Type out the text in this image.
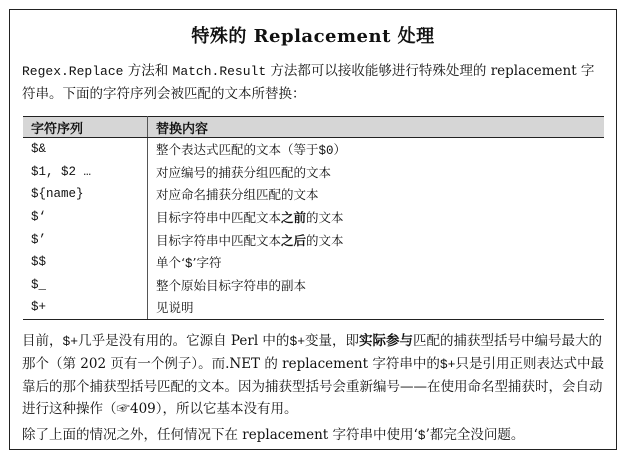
特殊的 Replacement 处理
Regex.Replace 方法和 Match.Result 方法都可以接收能够进行特殊处理的 replacement 字符串。下面的字符序列会被匹配的文本所替换：
字符序列	替换内容
$&	整个表达式匹配的文本（等于$0）
$1, $2 …	对应编号的捕获分组匹配的文本
${name}	对应命名捕获分组匹配的文本
$‘	目标字符串中匹配文本之前的文本
$’	目标字符串中匹配文本之后的文本
$$	单个‘$’字符
$_	整个原始目标字符串的副本
$+	见说明

目前，$+几乎是没有用的。它源自 Perl 中的$+变量，即实际参与匹配的捕获型括号中编号最大的那个（第 202 页有一个例子）。而.NET 的 replacement 字符串中的$+只是引用正则表达式中最靠后的那个捕获型括号匹配的文本。因为捕获型括号会重新编号——在使用命名型捕获时，会自动进行这种操作（☞409），所以它基本没有用。

除了上面的情况之外，任何情况下在 replacement 字符串中使用‘$’都完全没问题。
